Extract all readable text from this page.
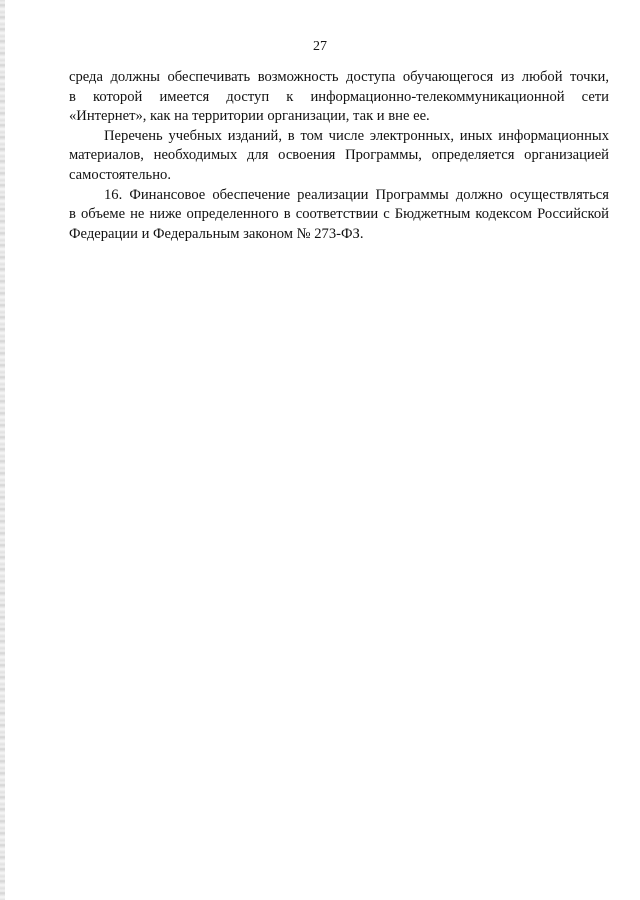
27

среда должны обеспечивать возможность доступа обучающегося из любой точки,
в которой имеется доступ к информационно-телекоммуникационной сети
«Интернет», как на территории организации, так и вне ее.

Перечень учебных изданий, в том числе электронных, иных информационных
материалов, необходимых для освоения Программы, определяется организацией
самостоятельно.

16. Финансовое обеспечение реализации Программы должно осуществляться
в объеме не ниже определенного в соответствии с Бюджетным кодексом Российской
Федерации и Федеральным законом № 273-ФЗ.
